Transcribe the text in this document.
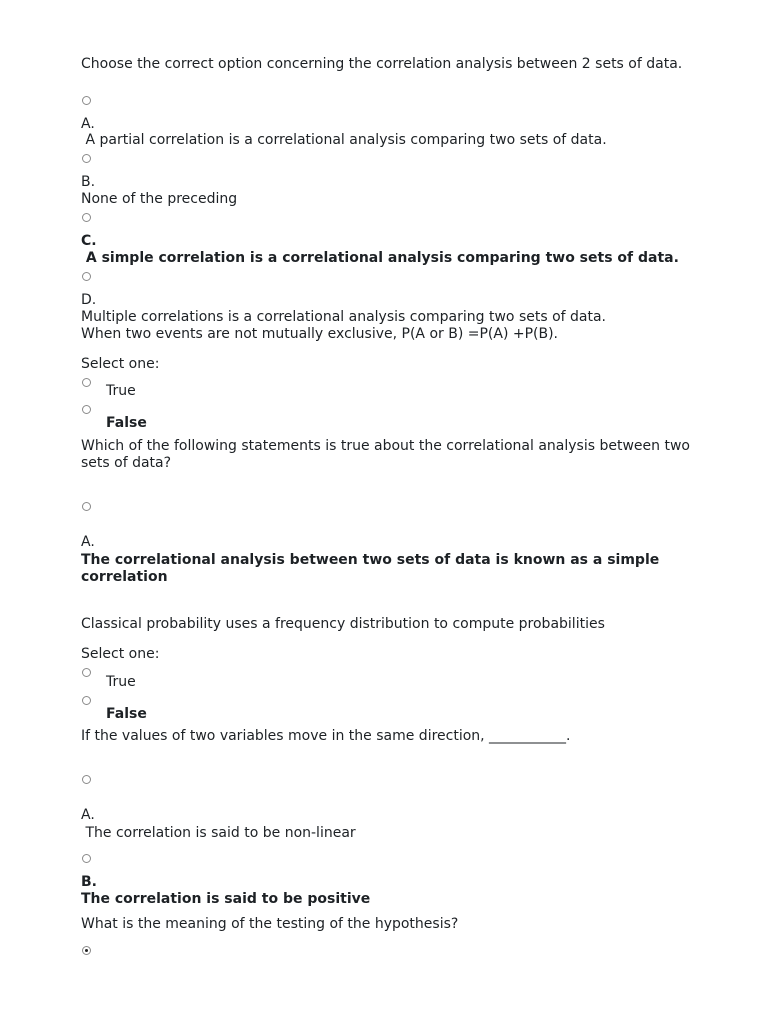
Choose the correct option concerning the correlation analysis between 2 sets of data.
A.
A partial correlation is a correlational analysis comparing two sets of data.
B.
None of the preceding
C.
A simple correlation is a correlational analysis comparing two sets of data.
D.
Multiple correlations is a correlational analysis comparing two sets of data.
When two events are not mutually exclusive, P(A or B) =P(A) +P(B).
Select one:
True
False
Which of the following statements is true about the correlational analysis between two sets of data?
A.
The correlational analysis between two sets of data is known as a simple correlation
Classical probability uses a frequency distribution to compute probabilities
Select one:
True
False
If the values of two variables move in the same direction, ___________.
A.
The correlation is said to be non-linear
B.
The correlation is said to be positive
What is the meaning of the testing of the hypothesis?
